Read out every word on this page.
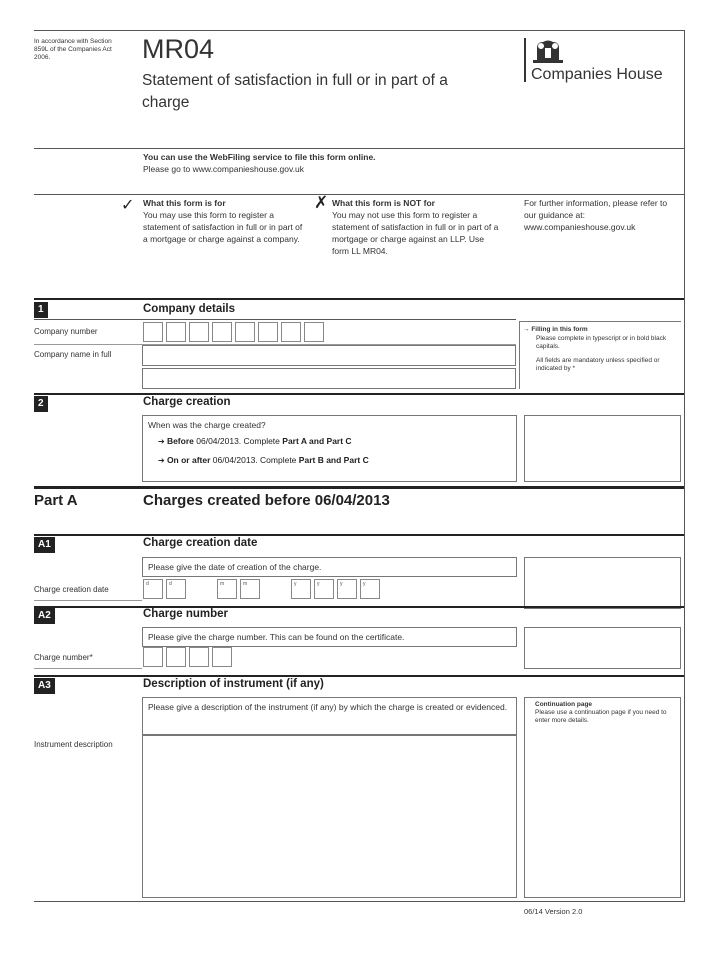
In accordance with Section 859L of the Companies Act 2006.	MR04
Statement of satisfaction in full or in part of a charge
Companies House
You can use the WebFiling service to file this form online.
Please go to www.companieshouse.gov.uk
✓ What this form is for
You may use this form to register a statement of satisfaction in full or in part of a mortgage or charge against a company.
✗ What this form is NOT for
You may not use this form to register a statement of satisfaction in full or in part of a mortgage or charge against an LLP. Use form LL MR04.
For further information, please refer to our guidance at: www.companieshouse.gov.uk
1	Company details
Company number
Company name in full
→ Filling in this form
Please complete in typescript or in bold black capitals.
All fields are mandatory unless specified or indicated by *
2	Charge creation
When was the charge created?
➔ Before 06/04/2013. Complete Part A and Part C
➔ On or after 06/04/2013. Complete Part B and Part C
Part A	Charges created before 06/04/2013
A1	Charge creation date
Please give the date of creation of the charge.
Charge creation date
d	d	m	m	y	y	y	y
A2	Charge number
Please give the charge number. This can be found on the certificate.
Charge number*
A3	Description of instrument (if any)
Please give a description of the instrument (if any) by which the charge is created or evidenced.
Instrument description
Continuation page
Please use a continuation page if you need to enter more details.
06/14 Version 2.0
